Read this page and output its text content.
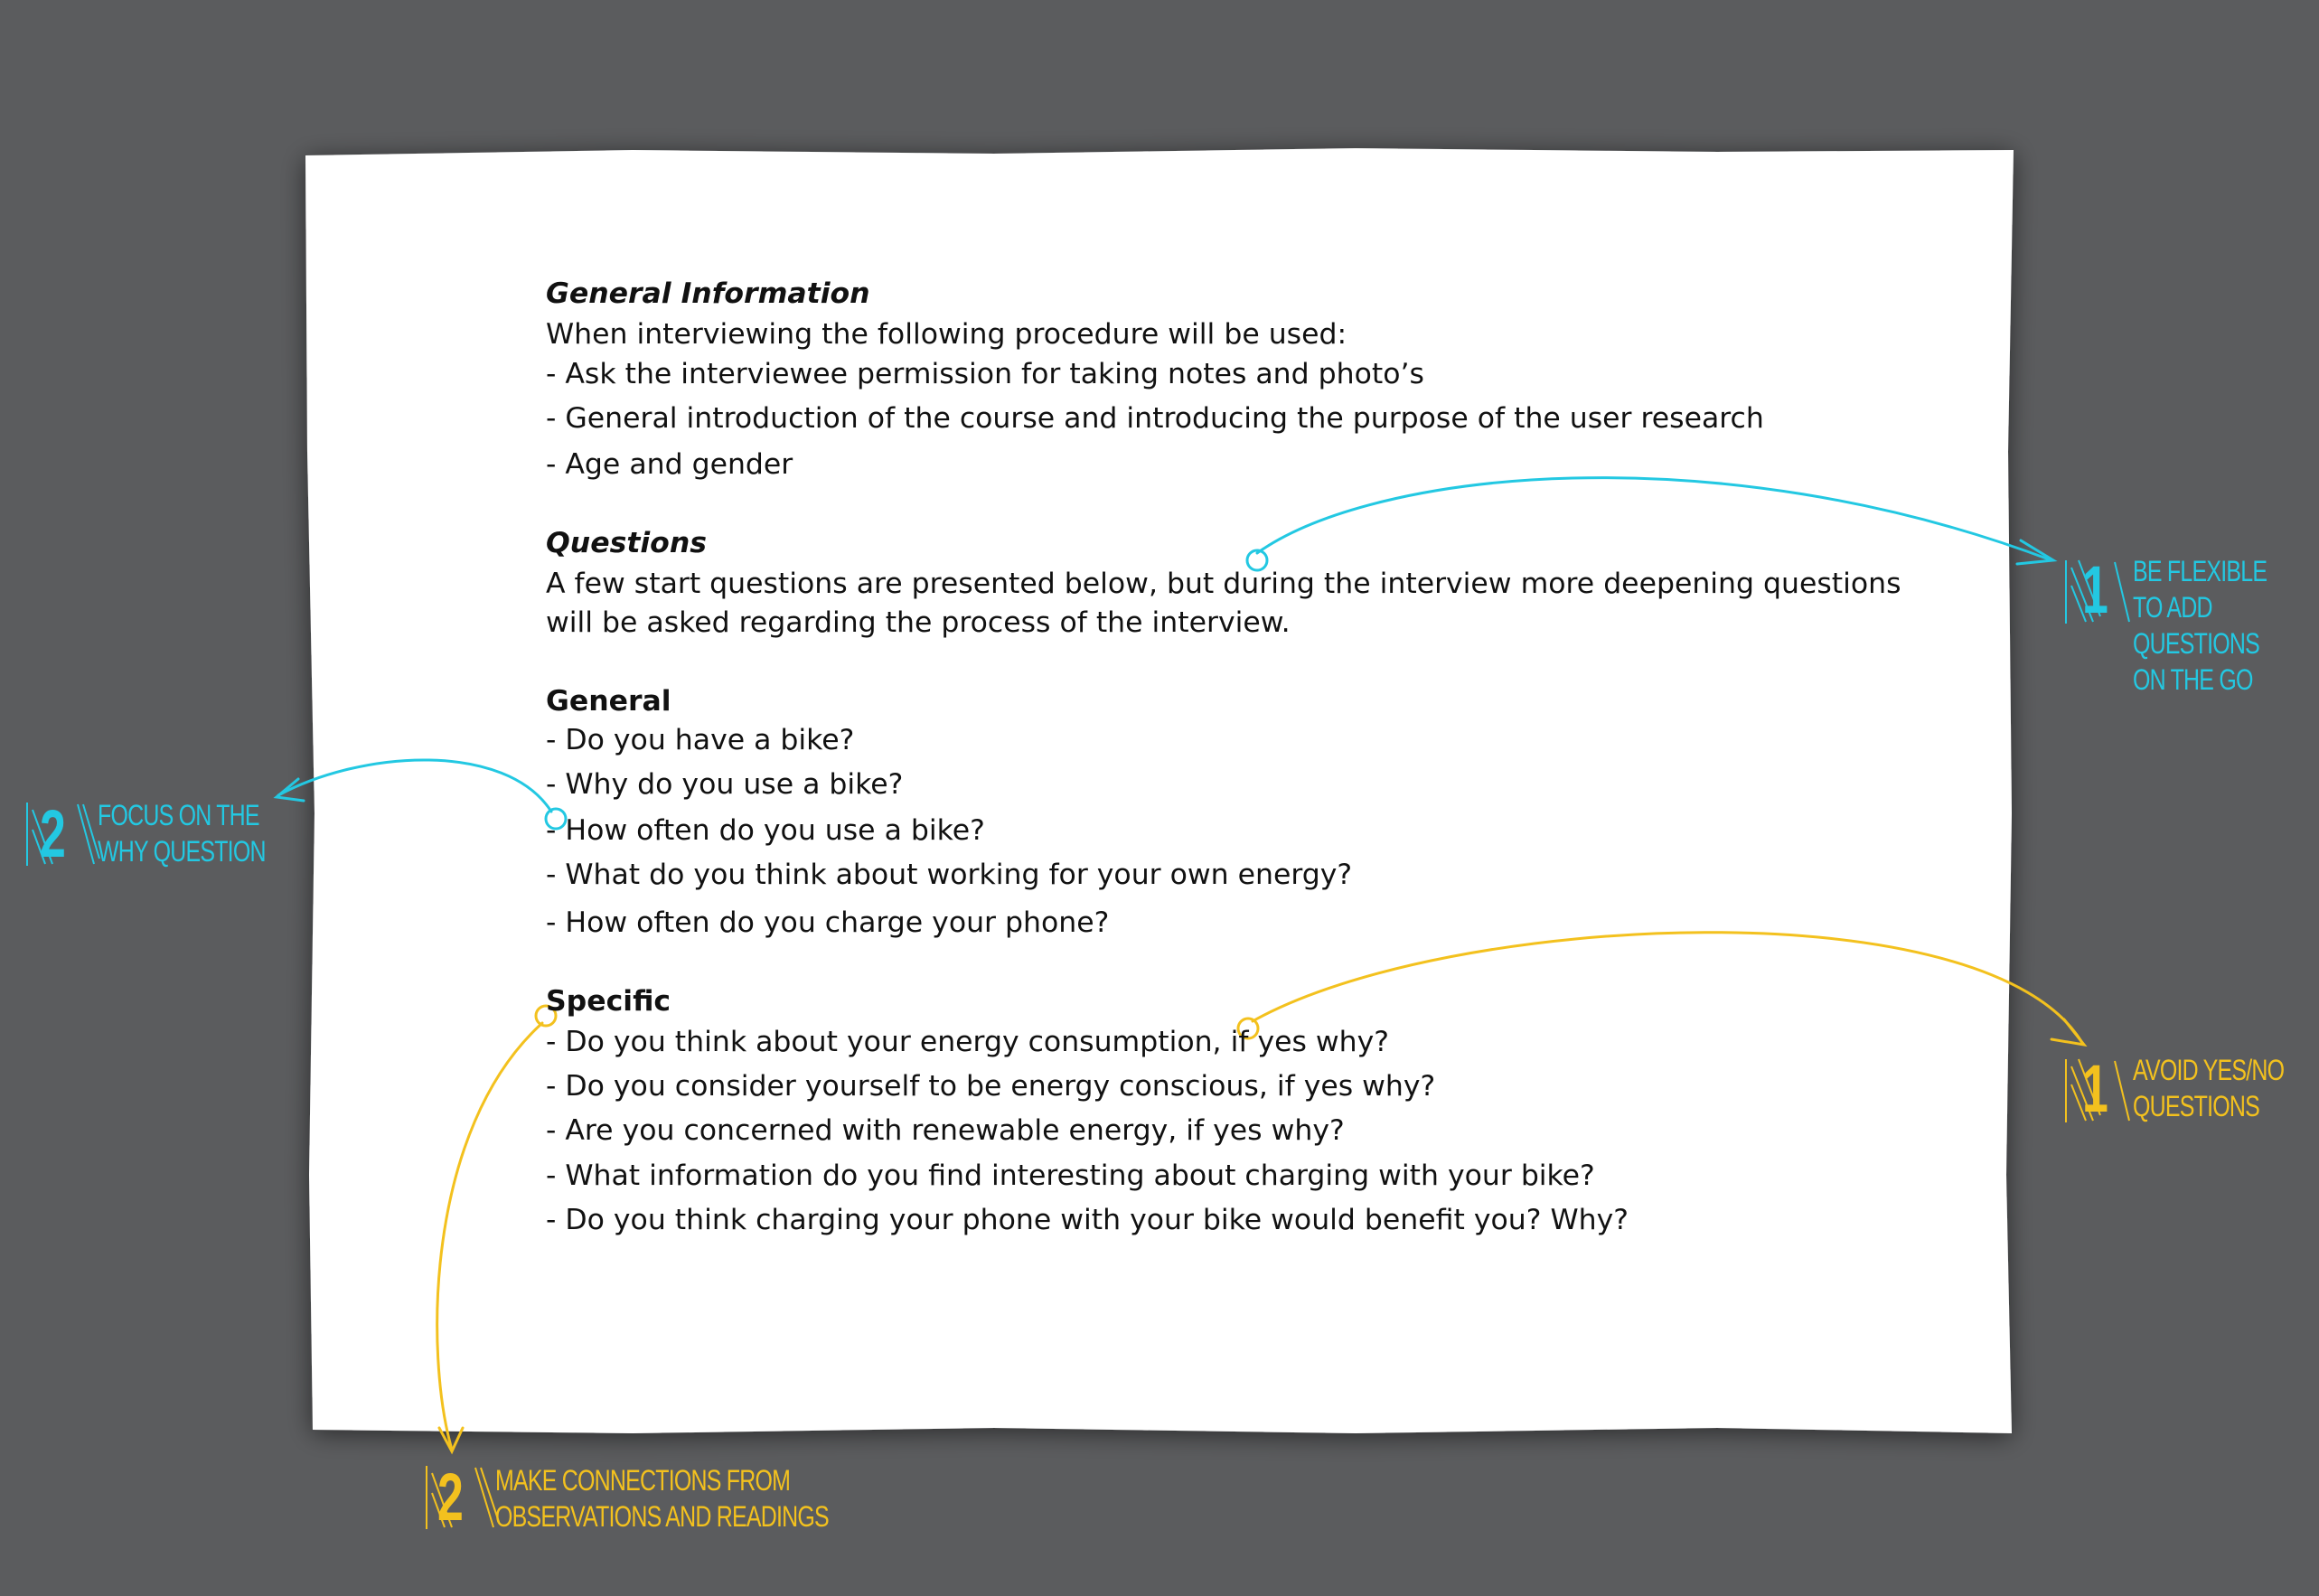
General Information
When interviewing the following procedure will be used:
- Ask the interviewee permission for taking notes and photo’s
- General introduction of the course and introducing the purpose of the user research
- Age and gender
Questions
A few start questions are presented below, but during the interview more deepening questions
will be asked regarding the process of the interview.
General
- Do you have a bike?
- Why do you use a bike?
- How often do you use a bike?
- What do you think about working for your own energy?
- How often do you charge your phone?
Specific
- Do you think about your energy consumption, if yes why?
- Do you consider yourself to be energy conscious, if yes why?
- Are you concerned with renewable energy, if yes why?
- What information do you find interesting about charging with your bike?
- Do you think charging your phone with your bike would benefit you? Why?
1 BE FLEXIBLE
TO ADD
QUESTIONS
ON THE GO
2 FOCUS ON THE
WHY QUESTION
1 AVOID YES/NO
QUESTIONS
2 MAKE CONNECTIONS FROM
OBSERVATIONS AND READINGS
